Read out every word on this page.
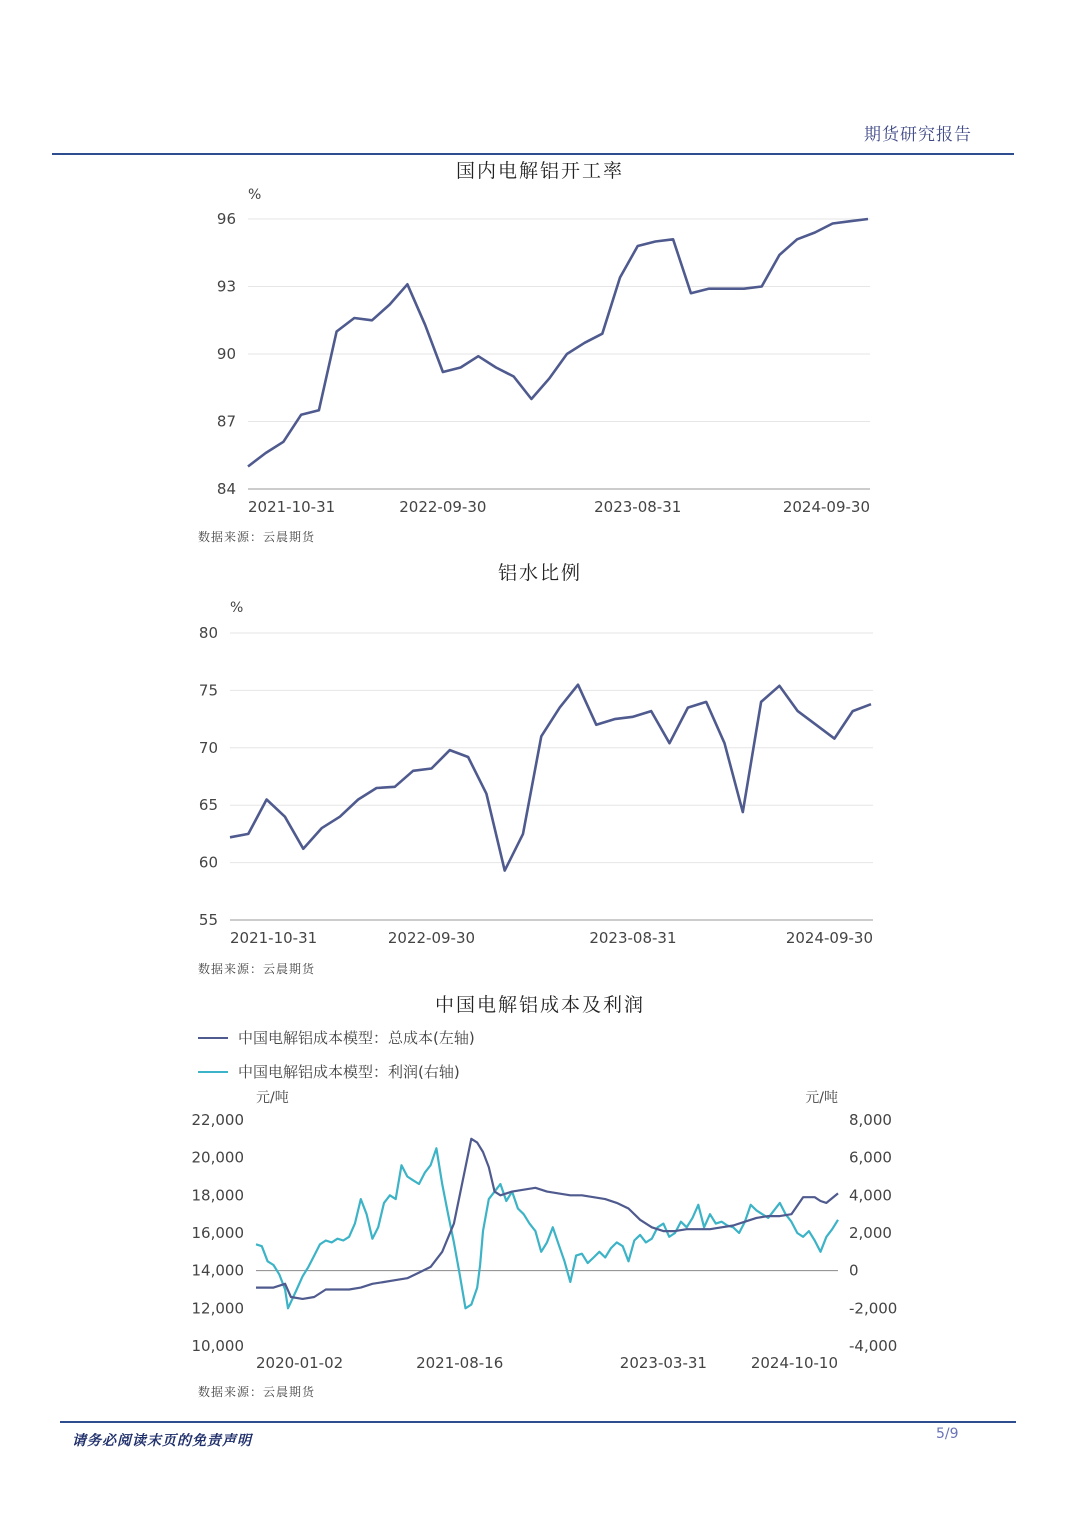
期货研究报告
国内电解铝开工率
%
96
93
90
87
84
2021-10-31	2022-09-30	2023-08-31	2024-09-30
数据来源：云晨期货
铝水比例
%
80
75
70
65
60
55
2021-10-31	2022-09-30	2023-08-31	2024-09-30
数据来源：云晨期货
中国电解铝成本及利润
中国电解铝成本模型：总成本(左轴)
中国电解铝成本模型：利润(右轴)
元/吨	元/吨
22,000
20,000
18,000
16,000
14,000
12,000
10,000
8,000
6,000
4,000
2,000
0
-2,000
-4,000
2020-01-02	2021-08-16	2023-03-31	2024-10-10
数据来源：云晨期货
请务必阅读末页的免责声明	5/9
